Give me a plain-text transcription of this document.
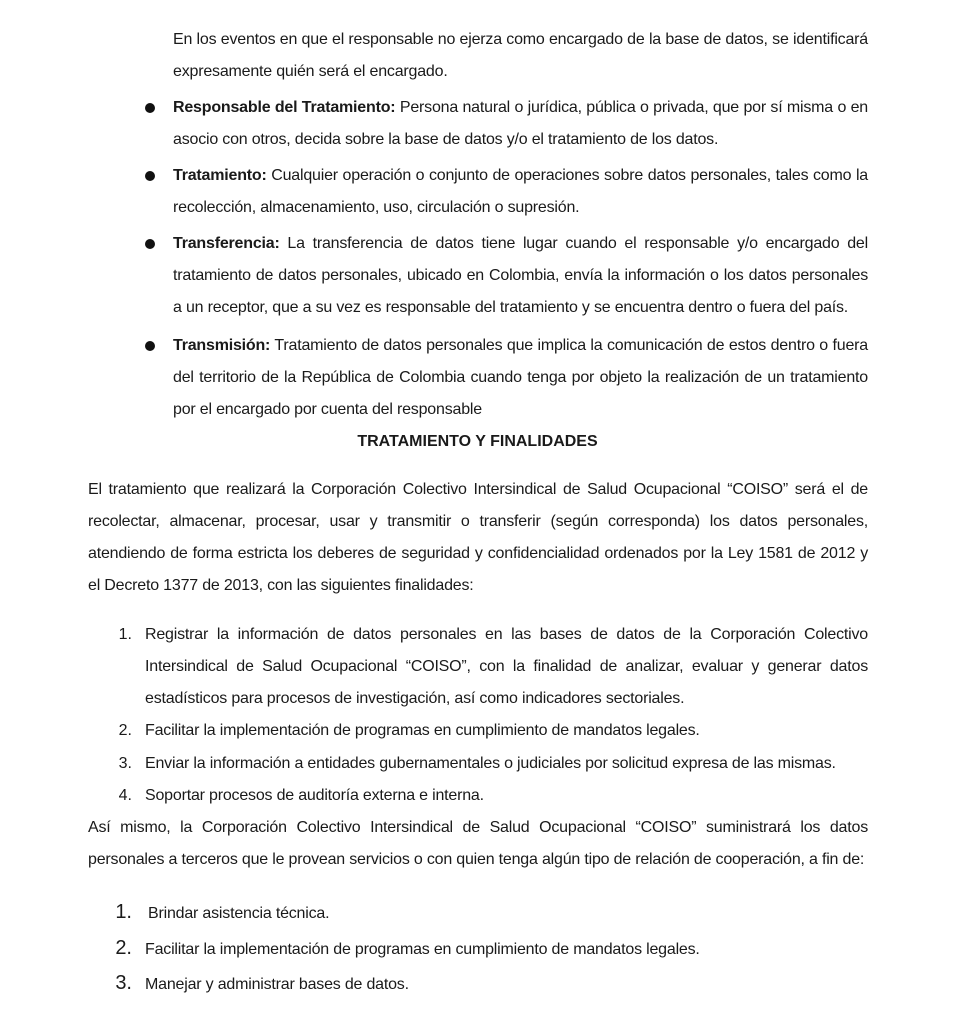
En los eventos en que el responsable no ejerza como encargado de la base de datos, se identificará expresamente quién será el encargado.

Responsable del Tratamiento: Persona natural o jurídica, pública o privada, que por sí misma o en asocio con otros, decida sobre la base de datos y/o el tratamiento de los datos.

Tratamiento: Cualquier operación o conjunto de operaciones sobre datos personales, tales como la recolección, almacenamiento, uso, circulación o supresión.

Transferencia: La transferencia de datos tiene lugar cuando el responsable y/o encargado del tratamiento de datos personales, ubicado en Colombia, envía la información o los datos personales a un receptor, que a su vez es responsable del tratamiento y se encuentra dentro o fuera del país.

Transmisión: Tratamiento de datos personales que implica la comunicación de estos dentro o fuera del territorio de la República de Colombia cuando tenga por objeto la realización de un tratamiento por el encargado por cuenta del responsable

TRATAMIENTO Y FINALIDADES

El tratamiento que realizará la Corporación Colectivo Intersindical de Salud Ocupacional “COISO” será el de recolectar, almacenar, procesar, usar y transmitir o transferir (según corresponda) los datos personales, atendiendo de forma estricta los deberes de seguridad y confidencialidad ordenados por la Ley 1581 de 2012 y el Decreto 1377 de 2013, con las siguientes finalidades:

1. Registrar la información de datos personales en las bases de datos de la Corporación Colectivo Intersindical de Salud Ocupacional “COISO”, con la finalidad de analizar, evaluar y generar datos estadísticos para procesos de investigación, así como indicadores sectoriales.

2. Facilitar la implementación de programas en cumplimiento de mandatos legales.

3. Enviar la información a entidades gubernamentales o judiciales por solicitud expresa de las mismas.

4. Soportar procesos de auditoría externa e interna.

Así mismo, la Corporación Colectivo Intersindical de Salud Ocupacional “COISO” suministrará los datos personales a terceros que le provean servicios o con quien tenga algún tipo de relación de cooperación, a fin de:

1. Brindar asistencia técnica.

2. Facilitar la implementación de programas en cumplimiento de mandatos legales.

3. Manejar y administrar bases de datos.
